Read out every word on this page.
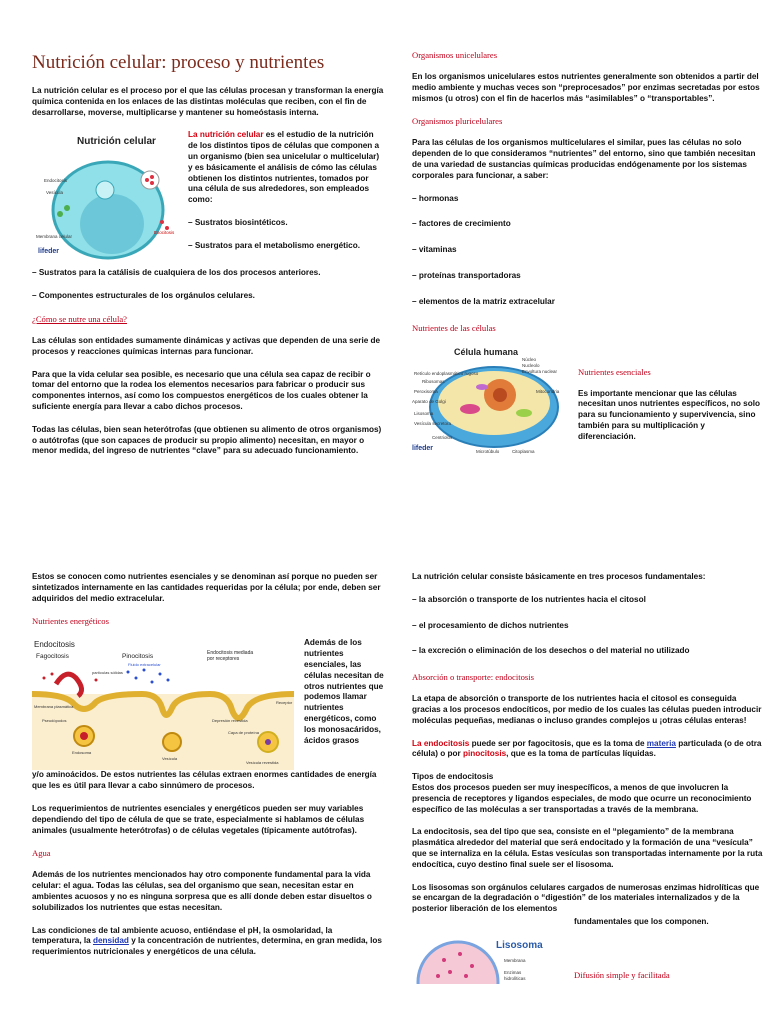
Nutrición celular: proceso y nutrientes
La nutrición celular es el proceso por el que las células procesan y transforman la energía química contenida en los enlaces de las distintas moléculas que reciben, con el fin de desarrollarse, moverse, multiplicarse y mantener su homeóstasis interna.
Nutrición celular
Endocitosis
Vesícula
Membrana celular
Exocitosis
lifeder
La nutrición celular es el estudio de la nutrición de los distintos tipos de células que componen a un organismo (bien sea unicelular o multicelular) y es básicamente el análisis de cómo las células obtienen los distintos nutrientes, tomados por una célula de sus alrededores, son empleados como:
– Sustratos biosintéticos.
– Sustratos para el metabolismo energético.
– Sustratos para la catálisis de cualquiera de los dos procesos anteriores.
– Componentes estructurales de los orgánulos celulares.
¿Cómo se nutre una célula?
Las células son entidades sumamente dinámicas y activas que dependen de una serie de procesos y reacciones químicas internas para funcionar.
Para que la vida celular sea posible, es necesario que una célula sea capaz de recibir o tomar del entorno que la rodea los elementos necesarios para fabricar o producir sus componentes internos, así como los compuestos energéticos de los cuales obtener la suficiente energía para llevar a cabo dichos procesos.
Todas las células, bien sean heterótrofas (que obtienen su alimento de otros organismos) o autótrofas (que son capaces de producir su propio alimento) necesitan, en mayor o menor medida, del ingreso de nutrientes “clave” para su adecuado funcionamiento.
Organismos unicelulares
En los organismos unicelulares estos nutrientes generalmente son obtenidos a partir del medio ambiente y muchas veces son “preprocesados” por enzimas secretadas por estos mismos (u otros) con el fin de hacerlos más “asimilables” o “transportables”.
Organismos pluricelulares
Para las células de los organismos multicelulares el similar, pues las células no solo dependen de lo que consideramos “nutrientes” del entorno, sino que también necesitan de una variedad de sustancias químicas producidas endógenamente por los sistemas corporales para funcionar, a saber:
– hormonas
– factores de crecimiento
– vitaminas
– proteínas transportadoras
– elementos de la matriz extracelular
Nutrientes de las células
Célula humana
Retículo endoplasmático rugoso
Ribosomas
Peroxisoma
Aparato de Golgi
Lisosoma
Vesícula secretora
Centriolos
Núcleo
Nucleolo
Envoltura nuclear
Mitocondria
Citoplasma
Microtúbulo
lifeder
Nutrientes esenciales
Es importante mencionar que las células necesitan unos nutrientes específicos, no solo para su funcionamiento y supervivencia, sino también para su multiplicación y diferenciación.
Estos se conocen como nutrientes esenciales y se denominan así porque no pueden ser sintetizados internamente en las cantidades requeridas por la célula; por ende, deben ser adquiridos del medio extracelular.
Nutrientes energéticos
Endocitosis
Fagocitosis	Pinocitosis	Endocitosis mediada
por receptores
partículas sólidas
Fluido extracelular
Membrana plasmática
Pseudópodos
Endosoma
Vesícula
Receptor
Depresión revestida
Capa de proteína
Vesícula revestida
Además de los nutrientes esenciales, las células necesitan de otros nutrientes que podemos llamar nutrientes energéticos, como los monosacáridos, ácidos grasos
y/o aminoácidos. De estos nutrientes las células extraen enormes cantidades de energía que les es útil para llevar a cabo sinnúmero de procesos.
Los requerimientos de nutrientes esenciales y energéticos pueden ser muy variables dependiendo del tipo de célula de que se trate, especialmente si hablamos de células animales (usualmente heterótrofas) o de células vegetales (típicamente autótrofas).
Agua
Además de los nutrientes mencionados hay otro componente fundamental para la vida celular: el agua. Todas las células, sea del organismo que sean, necesitan estar en ambientes acuosos y no es ninguna sorpresa que es allí donde deben estar disueltos o solubilizados los nutrientes que estas necesitan.
Las condiciones de tal ambiente acuoso, entiéndase el pH, la osmolaridad, la temperatura, la densidad y la concentración de nutrientes, determina, en gran medida, los requerimientos nutricionales y energéticos de una célula.
La nutrición celular consiste básicamente en tres procesos fundamentales:
– la absorción o transporte de los nutrientes hacia el citosol
– el procesamiento de dichos nutrientes
– la excreción o eliminación de los desechos o del material no utilizado
Absorción o transporte: endocitosis
La etapa de absorción o transporte de los nutrientes hacia el citosol es conseguida gracias a los procesos endocíticos, por medio de los cuales las células pueden introducir moléculas pequeñas, medianas o incluso grandes complejos u ¡otras células enteras!
La endocitosis puede ser por fagocitosis, que es la toma de materia particulada (o de otra célula) o por pinocitosis, que es la toma de partículas líquidas.
Tipos de endocitosis
Estos dos procesos pueden ser muy inespecíficos, a menos de que involucren la presencia de receptores y ligandos especiales, de modo que ocurre un reconocimiento específico de las moléculas a ser transportadas a través de la membrana.
La endocitosis, sea del tipo que sea, consiste en el “plegamiento” de la membrana plasmática alrededor del material que será endocitado y la formación de una “vesícula” que se internaliza en la célula. Estas vesículas son transportadas internamente por la ruta endocítica, cuyo destino final suele ser el lisosoma.
Los lisosomas son orgánulos celulares cargados de numerosas enzimas hidrolíticas que se encargan de la degradación o “digestión” de los materiales internalizados y de la posterior liberación de los elementos
fundamentales que los componen.
Lisosoma
Membrana
Enzimas
hidrolíticas	Difusión simple y facilitada
